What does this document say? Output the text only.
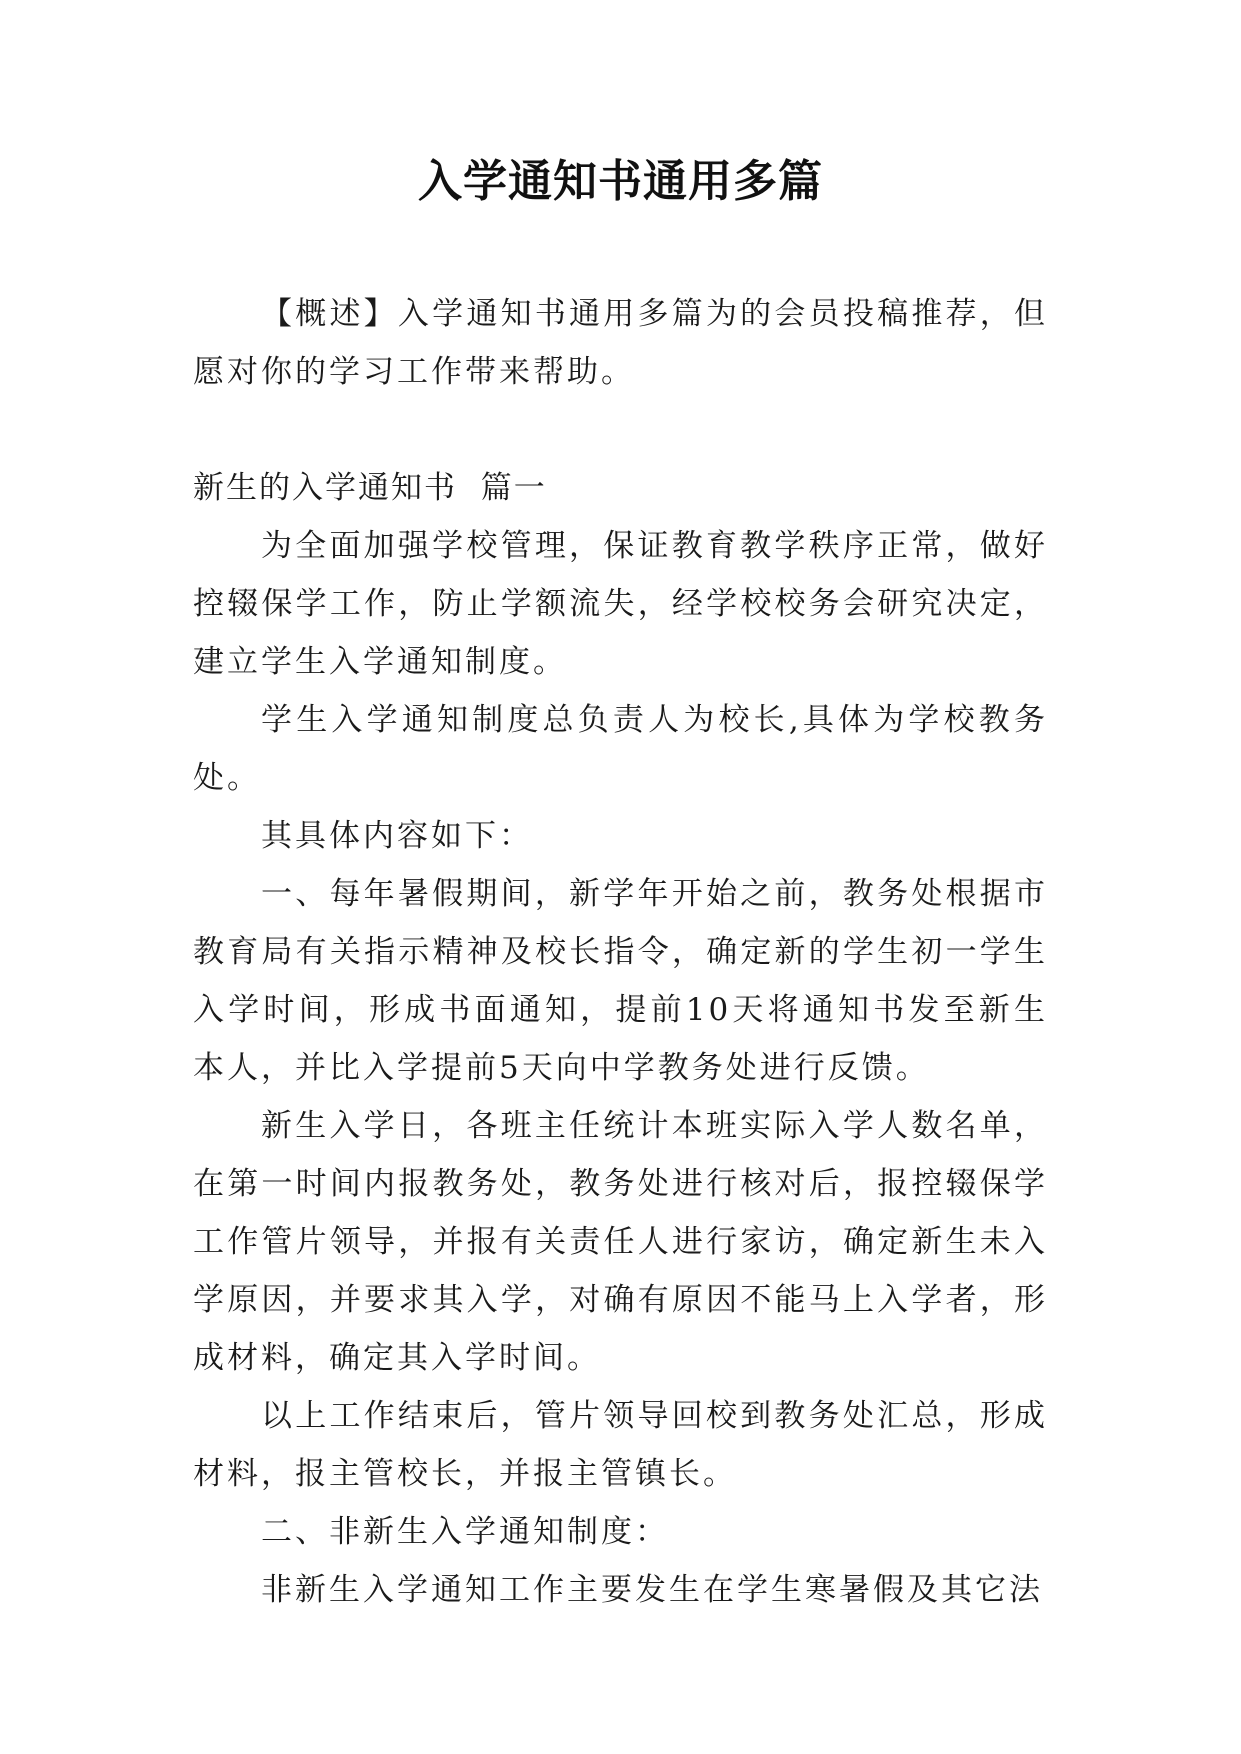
入学通知书通用多篇

【概述】入学通知书通用多篇为的会员投稿推荐，但愿对你的学习工作带来帮助。

新生的入学通知书  篇一

为全面加强学校管理，保证教育教学秩序正常，做好控辍保学工作，防止学额流失，经学校校务会研究决定，建立学生入学通知制度。

学生入学通知制度总负责人为校长,具体为学校教务处。

其具体内容如下：

一、每年暑假期间，新学年开始之前，教务处根据市教育局有关指示精神及校长指令，确定新的学生初一学生入学时间，形成书面通知，提前10天将通知书发至新生本人，并比入学提前5天向中学教务处进行反馈。

新生入学日，各班主任统计本班实际入学人数名单，在第一时间内报教务处，教务处进行核对后，报控辍保学工作管片领导，并报有关责任人进行家访，确定新生未入学原因，并要求其入学，对确有原因不能马上入学者，形成材料，确定其入学时间。

以上工作结束后，管片领导回校到教务处汇总，形成材料，报主管校长，并报主管镇长。

二、非新生入学通知制度：

非新生入学通知工作主要发生在学生寒暑假及其它法
